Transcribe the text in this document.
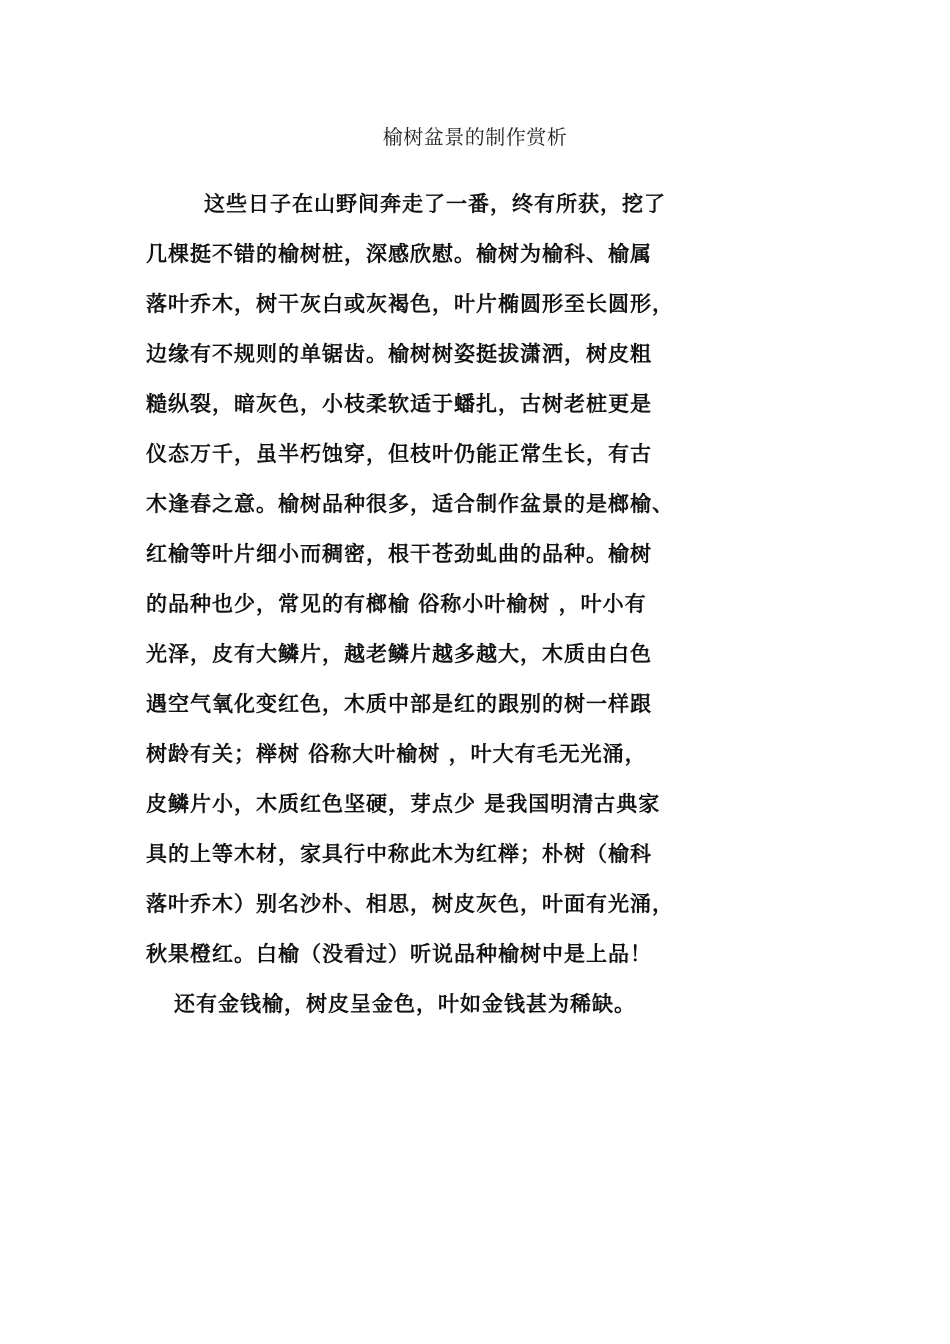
榆树盆景的制作赏析
这些日子在山野间奔走了一番，终有所获，挖了
几棵挺不错的榆树桩，深感欣慰。榆树为榆科、榆属
落叶乔木，树干灰白或灰褐色，叶片椭圆形至长圆形，
边缘有不规则的单锯齿。榆树树姿挺拔潇洒，树皮粗
糙纵裂，暗灰色，小枝柔软适于蟠扎，古树老桩更是
仪态万千，虽半朽蚀穿，但枝叶仍能正常生长，有古
木逢春之意。榆树品种很多，适合制作盆景的是榔榆、
红榆等叶片细小而稠密，根干苍劲虬曲的品种。榆树
的品种也少，常见的有榔榆 俗称小叶榆树 ，叶小有
光泽，皮有大鳞片，越老鳞片越多越大，木质由白色
遇空气氧化变红色，木质中部是红的跟别的树一样跟
树龄有关；榉树 俗称大叶榆树 ，叶大有毛无光涌，
皮鳞片小，木质红色坚硬，芽点少 是我国明清古典家
具的上等木材，家具行中称此木为红榉；朴树（榆科
落叶乔木）别名沙朴、相思，树皮灰色，叶面有光涌，
秋果橙红。白榆（没看过）听说品种榆树中是上品！
还有金钱榆，树皮呈金色，叶如金钱甚为稀缺。
